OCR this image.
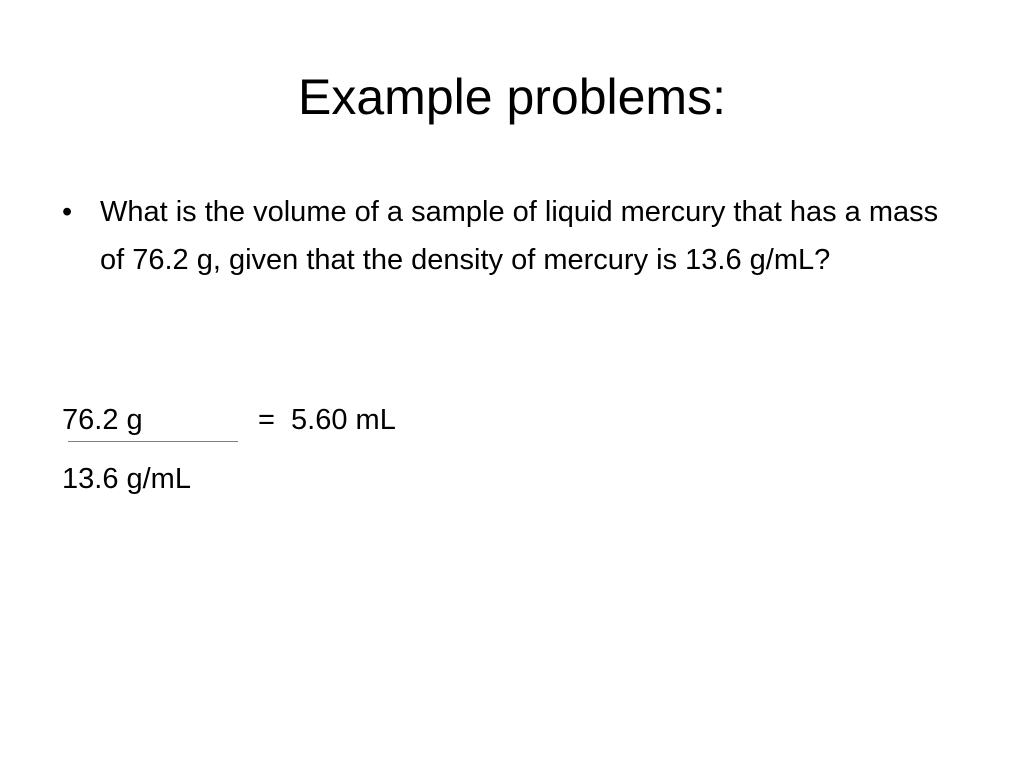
Example problems:
• What is the volume of a sample of liquid mercury that has a mass of 76.2 g, given that the density of mercury is 13.6 g/mL?
76.2 g	=  5.60 mL
13.6 g/mL
